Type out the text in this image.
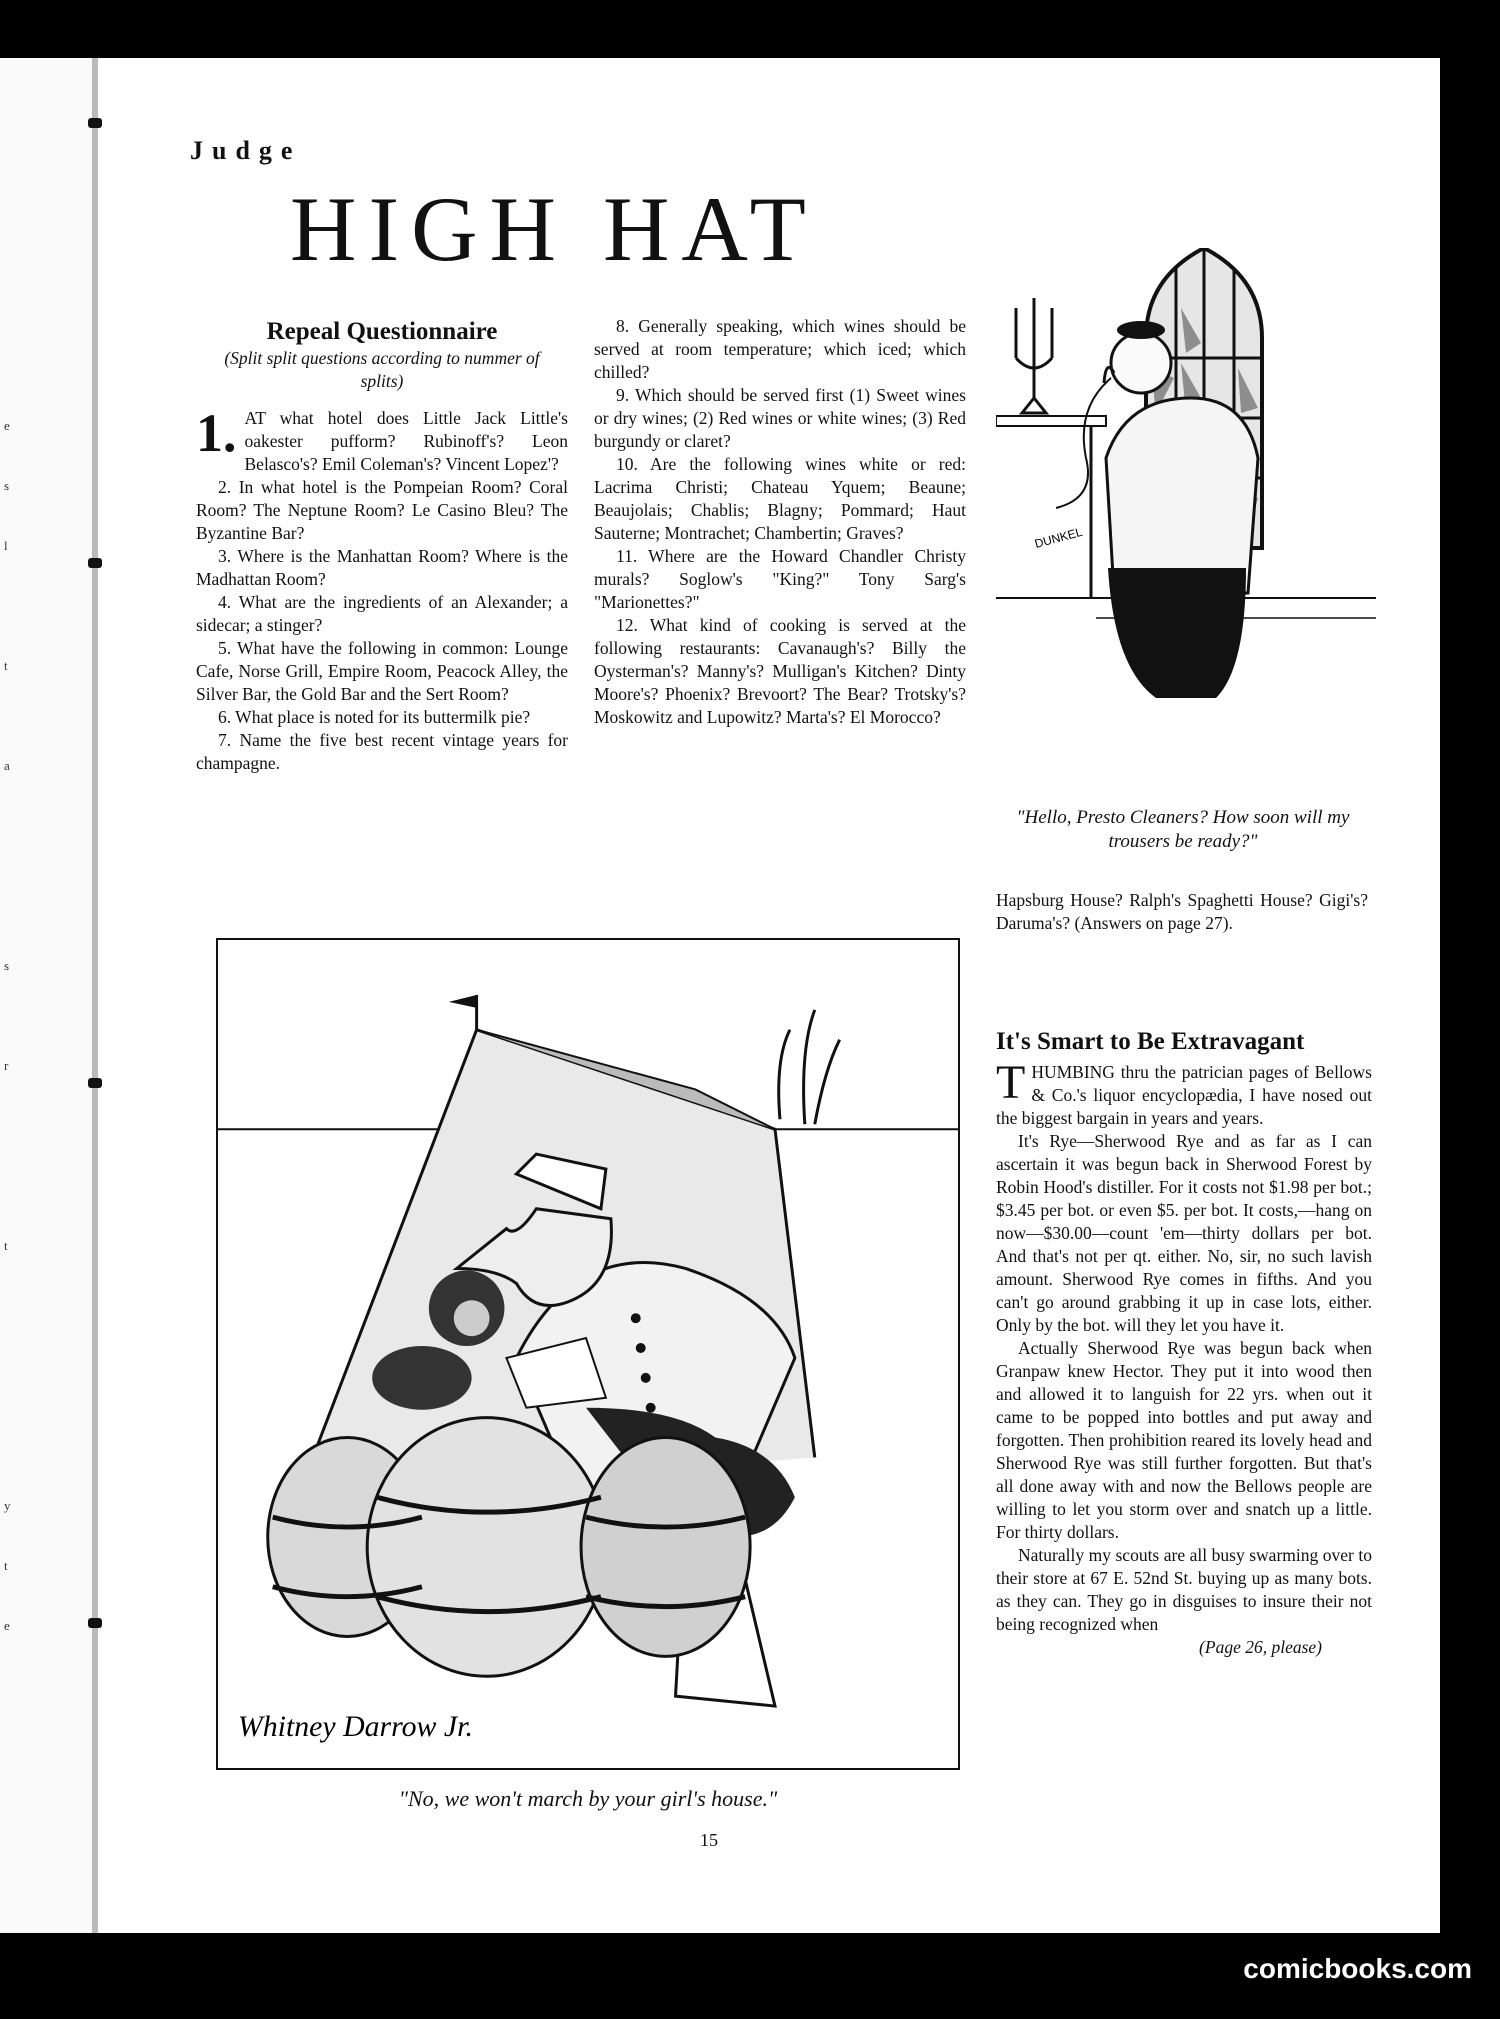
e
s
l
t
a
s
r
t
y
t
e
Judge
HIGH HAT
Repeal Questionnaire
(Split split questions according to nummer of splits)

1. AT what hotel does Little Jack Little's oakester pufform? Rubinoff's? Leon Belasco's? Emil Coleman's? Vincent Lopez'?

2. In what hotel is the Pompeian Room? Coral Room? The Neptune Room? Le Casino Bleu? The Byzantine Bar?

3. Where is the Manhattan Room? Where is the Madhattan Room?

4. What are the ingredients of an Alexander; a sidecar; a stinger?

5. What have the following in common: Lounge Cafe, Norse Grill, Empire Room, Peacock Alley, the Silver Bar, the Gold Bar and the Sert Room?

6. What place is noted for its buttermilk pie?

7. Name the five best recent vintage years for champagne.

8. Generally speaking, which wines should be served at room temperature; which iced; which chilled?

9. Which should be served first (1) Sweet wines or dry wines; (2) Red wines or white wines; (3) Red burgundy or claret?

10. Are the following wines white or red: Lacrima Christi; Chateau Yquem; Beaune; Beaujolais; Chablis; Blagny; Pommard; Haut Sauterne; Montrachet; Chambertin; Graves?

11. Where are the Howard Chandler Christy murals? Soglow's "King?" Tony Sarg's "Marionettes?"

12. What kind of cooking is served at the following restaurants: Cavanaugh's? Billy the Oysterman's? Manny's? Mulligan's Kitchen? Dinty Moore's? Phoenix? Brevoort? The Bear? Trotsky's? Moskowitz and Lupowitz? Marta's? El Morocco?

DUNKEL
"Hello, Presto Cleaners? How soon will my trousers be ready?"

Hapsburg House? Ralph's Spaghetti House? Gigi's? Daruma's? (Answers on page 27).

It's Smart to Be Extravagant

THUMBING thru the patrician pages of Bellows & Co.'s liquor encyclopædia, I have nosed out the biggest bargain in years and years.

It's Rye—Sherwood Rye and as far as I can ascertain it was begun back in Sherwood Forest by Robin Hood's distiller. For it costs not $1.98 per bot.; $3.45 per bot. or even $5. per bot. It costs,—hang on now—$30.00—count 'em—thirty dollars per bot. And that's not per qt. either. No, sir, no such lavish amount. Sherwood Rye comes in fifths. And you can't go around grabbing it up in case lots, either. Only by the bot. will they let you have it.

Actually Sherwood Rye was begun back when Granpaw knew Hector. They put it into wood then and allowed it to languish for 22 yrs. when out it came to be popped into bottles and put away and forgotten. Then prohibition reared its lovely head and Sherwood Rye was still further forgotten. But that's all done away with and now the Bellows people are willing to let you storm over and snatch up a little. For thirty dollars.

Naturally my scouts are all busy swarming over to their store at 67 E. 52nd St. buying up as many bots. as they can. They go in disguises to insure their not being recognized when

(Page 26, please)

Whitney Darrow Jr.
"No, we won't march by your girl's house."
15
comicbooks.com
